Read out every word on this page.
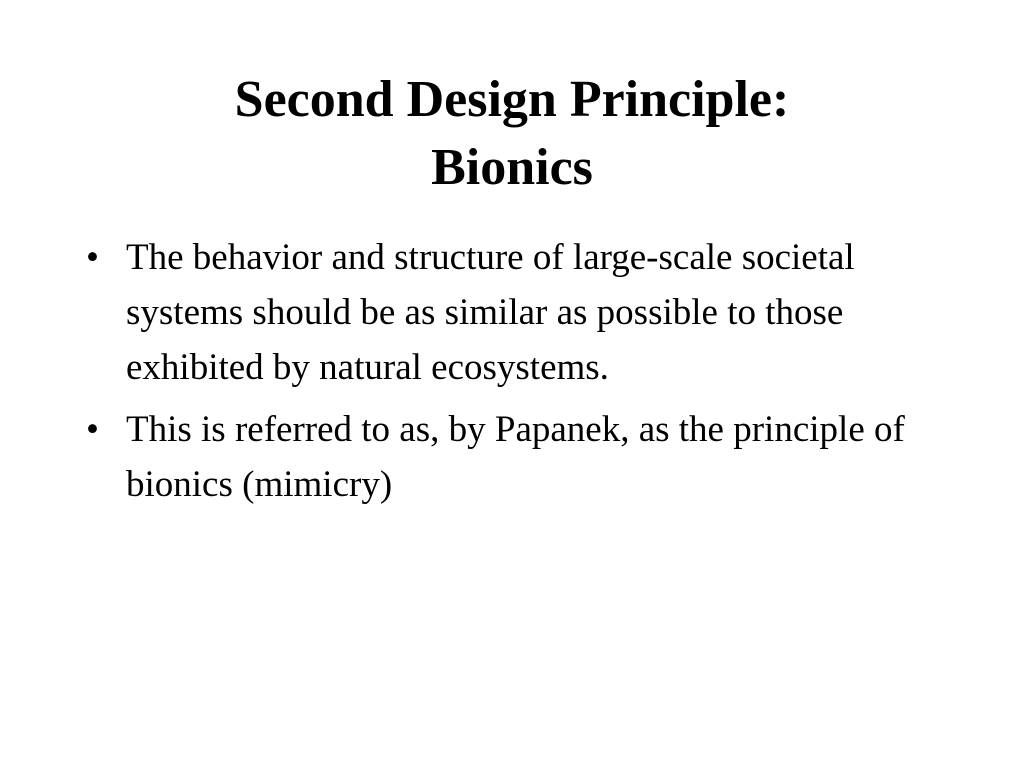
Second Design Principle:
Bionics
• The behavior and structure of large-scale societal systems should be as similar as possible to those exhibited by natural ecosystems.
• This is referred to as, by Papanek, as the principle of bionics (mimicry)
